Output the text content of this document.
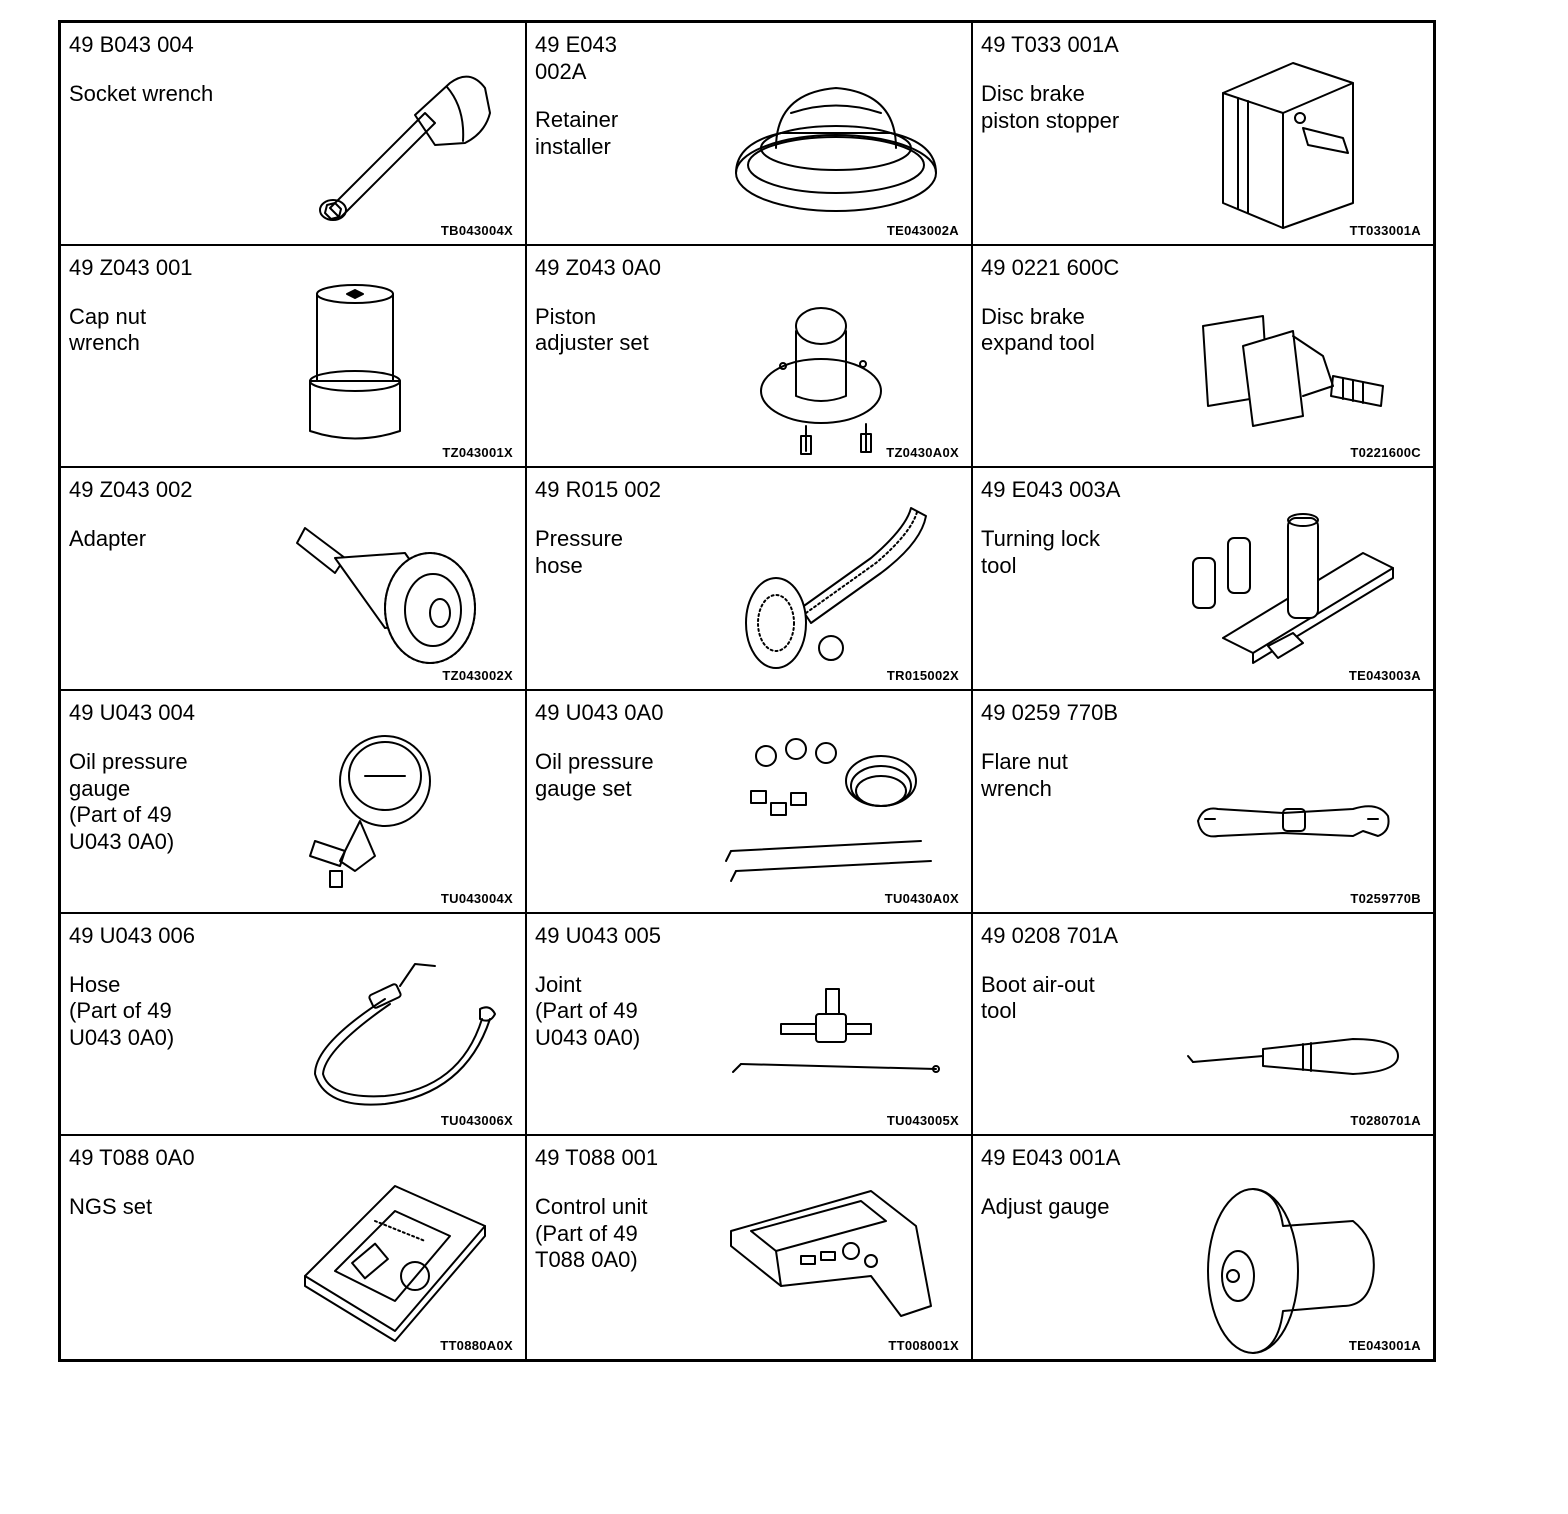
49 B043 004
Socket wrench
TB043004X
49 E043
002A
Retainer
installer
TE043002A
49 T033 001A
Disc brake
piston stopper
TT033001A
49 Z043 001
Cap nut
wrench
TZ043001X
49 Z043 0A0
Piston
adjuster set
TZ0430A0X
49 0221 600C
Disc brake
expand tool
T0221600C
49 Z043 002
Adapter
TZ043002X
49 R015 002
Pressure
hose
TR015002X
49 E043 003A
Turning lock
tool
TE043003A
49 U043 004
Oil pressure
gauge
(Part of 49
U043 0A0)
TU043004X
49 U043 0A0
Oil pressure
gauge set
TU0430A0X
49 0259 770B
Flare nut
wrench
T0259770B
49 U043 006
Hose
(Part of 49
U043 0A0)
TU043006X
49 U043 005
Joint
(Part of 49
U043 0A0)
TU043005X
49 0208 701A
Boot air-out
tool
T0280701A
49 T088 0A0
NGS set
TT0880A0X
49 T088 001
Control unit
(Part of 49
T088 0A0)
TT008001X
49 E043 001A
Adjust gauge
TE043001A
